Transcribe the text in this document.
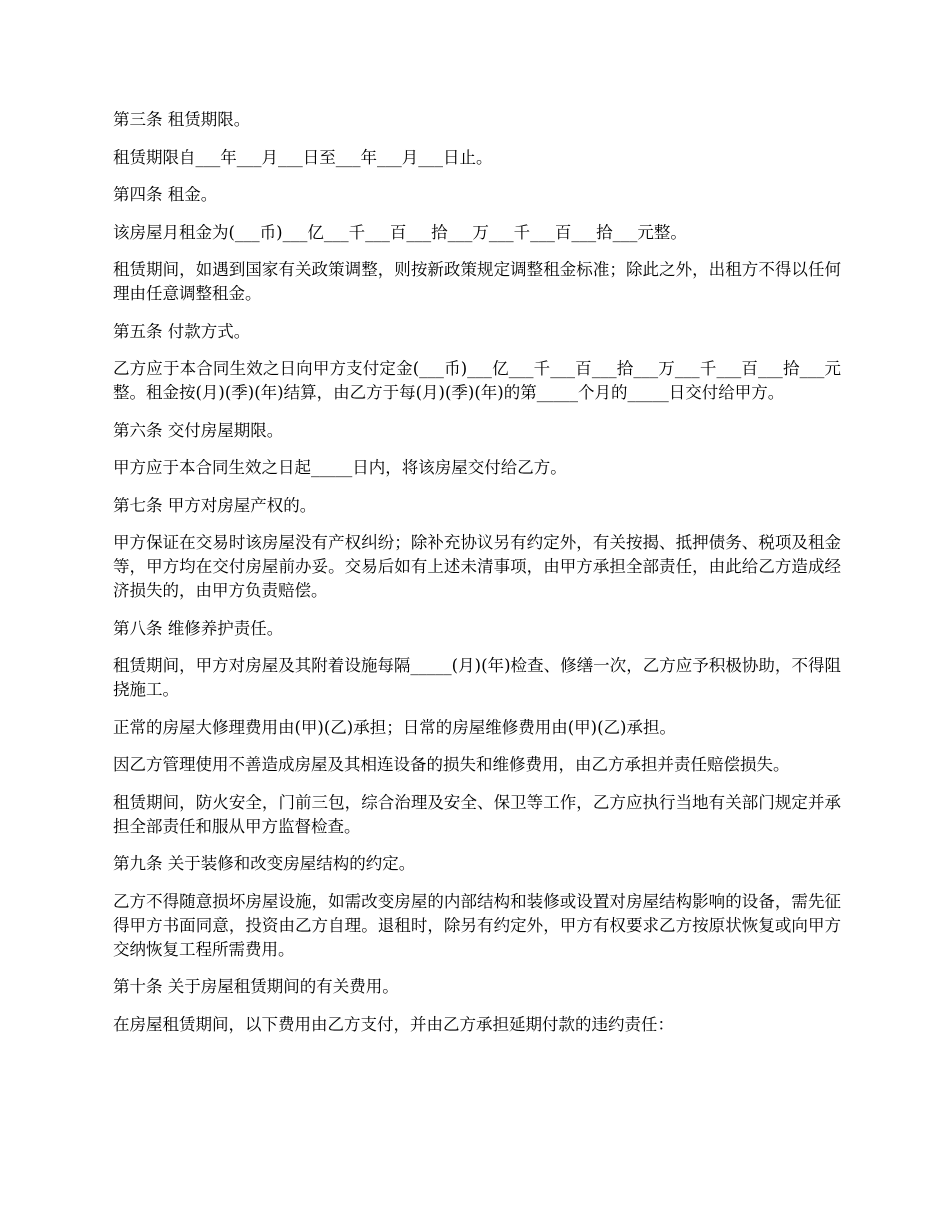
第三条 租赁期限。

租赁期限自___年___月___日至___年___月___日止。

第四条 租金。

该房屋月租金为(___币)___亿___千___百___拾___万___千___百___拾___元整。

租赁期间，如遇到国家有关政策调整，则按新政策规定调整租金标准；除此之外，出租方不得以任何理由任意调整租金。

第五条 付款方式。

乙方应于本合同生效之日向甲方支付定金(___币)___亿___千___百___拾___万___千___百___拾___元整。租金按(月)(季)(年)结算，由乙方于每(月)(季)(年)的第_____个月的_____日交付给甲方。

第六条 交付房屋期限。

甲方应于本合同生效之日起_____日内，将该房屋交付给乙方。

第七条 甲方对房屋产权的。

甲方保证在交易时该房屋没有产权纠纷；除补充协议另有约定外，有关按揭、抵押债务、税项及租金等，甲方均在交付房屋前办妥。交易后如有上述未清事项，由甲方承担全部责任，由此给乙方造成经济损失的，由甲方负责赔偿。

第八条 维修养护责任。

租赁期间，甲方对房屋及其附着设施每隔_____(月)(年)检查、修缮一次，乙方应予积极协助，不得阻挠施工。

正常的房屋大修理费用由(甲)(乙)承担；日常的房屋维修费用由(甲)(乙)承担。

因乙方管理使用不善造成房屋及其相连设备的损失和维修费用，由乙方承担并责任赔偿损失。

租赁期间，防火安全，门前三包，综合治理及安全、保卫等工作，乙方应执行当地有关部门规定并承担全部责任和服从甲方监督检查。

第九条 关于装修和改变房屋结构的约定。

乙方不得随意损坏房屋设施，如需改变房屋的内部结构和装修或设置对房屋结构影响的设备，需先征得甲方书面同意，投资由乙方自理。退租时，除另有约定外，甲方有权要求乙方按原状恢复或向甲方交纳恢复工程所需费用。

第十条 关于房屋租赁期间的有关费用。

在房屋租赁期间，以下费用由乙方支付，并由乙方承担延期付款的违约责任：
